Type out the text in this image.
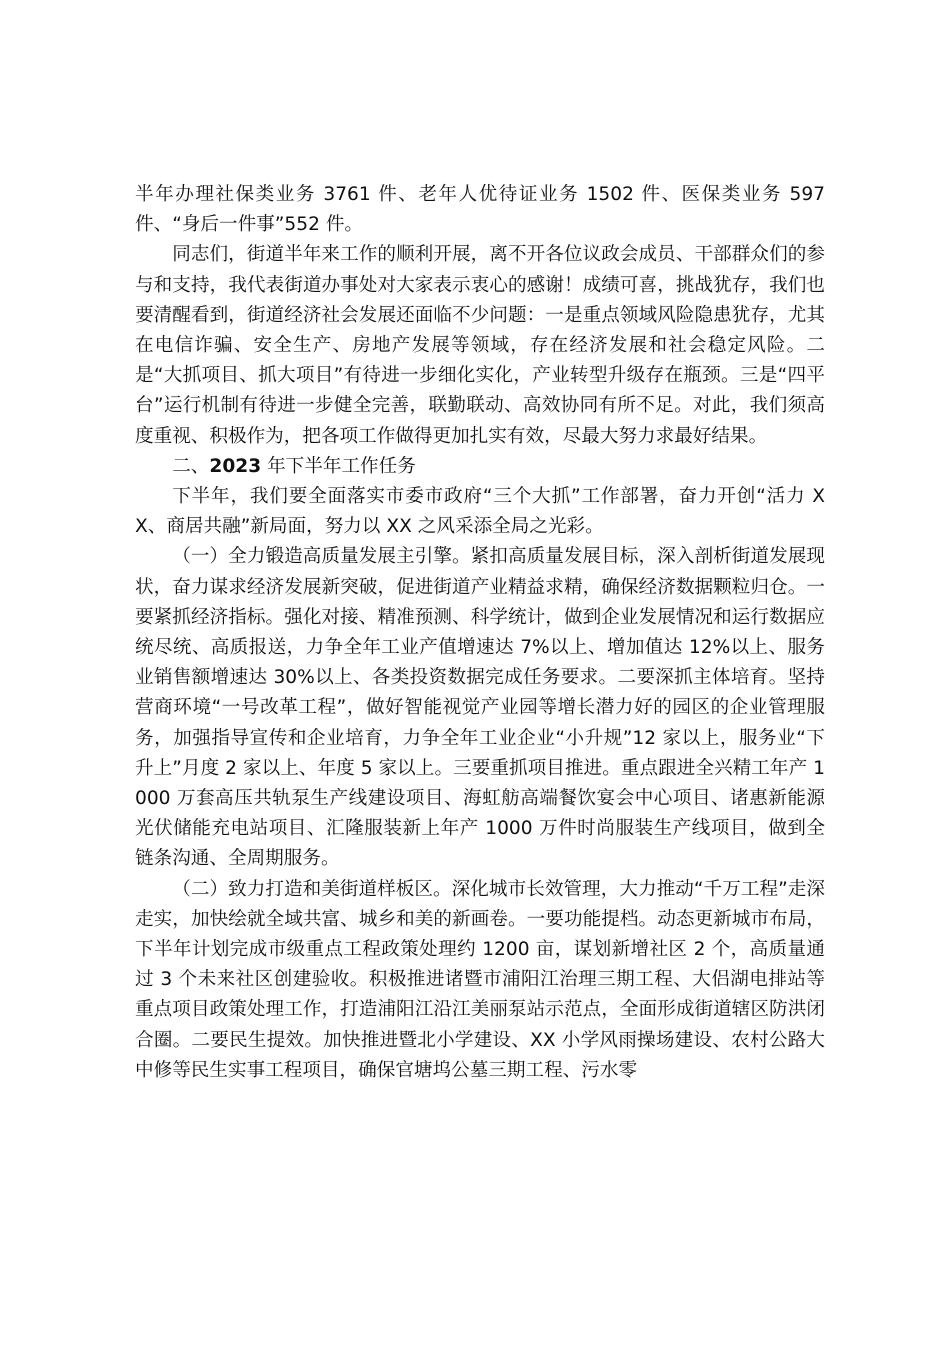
半年办理社保类业务 3761 件、老年人优待证业务 1502 件、医保类业务 597 件、“身后一件事”552 件。

同志们，街道半年来工作的顺利开展，离不开各位议政会成员、干部群众们的参与和支持，我代表街道办事处对大家表示衷心的感谢！成绩可喜，挑战犹存，我们也要清醒看到，街道经济社会发展还面临不少问题：一是重点领域风险隐患犹存，尤其在电信诈骗、安全生产、房地产发展等领域，存在经济发展和社会稳定风险。二是“大抓项目、抓大项目”有待进一步细化实化，产业转型升级存在瓶颈。三是“四平台”运行机制有待进一步健全完善，联勤联动、高效协同有所不足。对此，我们须高度重视、积极作为，把各项工作做得更加扎实有效，尽最大努力求最好结果。

二、2023 年下半年工作任务

下半年，我们要全面落实市委市政府“三个大抓”工作部署，奋力开创“活力 XX、商居共融”新局面，努力以 XX 之风采添全局之光彩。

（一）全力锻造高质量发展主引擎。紧扣高质量发展目标，深入剖析街道发展现状，奋力谋求经济发展新突破，促进街道产业精益求精，确保经济数据颗粒归仓。一要紧抓经济指标。强化对接、精准预测、科学统计，做到企业发展情况和运行数据应统尽统、高质报送，力争全年工业产值增速达 7%以上、增加值达 12%以上、服务业销售额增速达 30%以上、各类投资数据完成任务要求。二要深抓主体培育。坚持营商环境“一号改革工程”，做好智能视觉产业园等增长潜力好的园区的企业管理服务，加强指导宣传和企业培育，力争全年工业企业“小升规”12 家以上，服务业“下升上”月度 2 家以上、年度 5 家以上。三要重抓项目推进。重点跟进全兴精工年产 1000 万套高压共轨泵生产线建设项目、海虹舫高端餐饮宴会中心项目、诸惠新能源光伏储能充电站项目、汇隆服装新上年产 1000 万件时尚服装生产线项目，做到全链条沟通、全周期服务。

（二）致力打造和美街道样板区。深化城市长效管理，大力推动“千万工程”走深走实，加快绘就全域共富、城乡和美的新画卷。一要功能提档。动态更新城市布局，下半年计划完成市级重点工程政策处理约 1200 亩，谋划新增社区 2 个，高质量通过 3 个未来社区创建验收。积极推进诸暨市浦阳江治理三期工程、大侣湖电排站等重点项目政策处理工作，打造浦阳江沿江美丽泵站示范点，全面形成街道辖区防洪闭合圈。二要民生提效。加快推进暨北小学建设、XX 小学风雨操场建设、农村公路大中修等民生实事工程项目，确保官塘坞公墓三期工程、污水零
